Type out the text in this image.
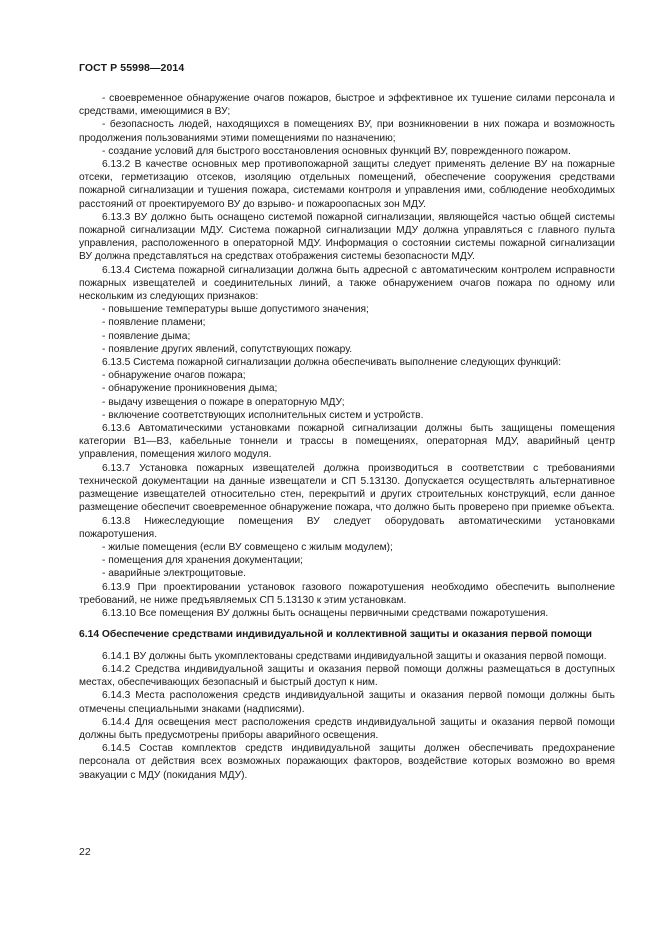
ГОСТ Р 55998—2014

- своевременное обнаружение очагов пожаров, быстрое и эффективное их тушение силами персонала и средствами, имеющимися в ВУ;

- безопасность людей, находящихся в помещениях ВУ, при возникновении в них пожара и возможность продолжения пользованиями этими помещениями по назначению;

- создание условий для быстрого восстановления основных функций ВУ, поврежденного пожаром.

6.13.2 В качестве основных мер противопожарной защиты следует применять деление ВУ на пожарные отсеки, герметизацию отсеков, изоляцию отдельных помещений, обеспечение сооружения средствами пожарной сигнализации и тушения пожара, системами контроля и управления ими, соблюдение необходимых расстояний от проектируемого ВУ до взрыво- и пожароопасных зон МДУ.

6.13.3 ВУ должно быть оснащено системой пожарной сигнализации, являющейся частью общей системы пожарной сигнализации МДУ. Система пожарной сигнализации МДУ должна управляться с главного пульта управления, расположенного в операторной МДУ. Информация о состоянии системы пожарной сигнализации ВУ должна представляться на средствах отображения системы безопасности МДУ.

6.13.4 Система пожарной сигнализации должна быть адресной с автоматическим контролем исправности пожарных извещателей и соединительных линий, а также обнаружением очагов пожара по одному или нескольким из следующих признаков:

- повышение температуры выше допустимого значения;

- появление пламени;

- появление дыма;

- появление других явлений, сопутствующих пожару.

6.13.5 Система пожарной сигнализации должна обеспечивать выполнение следующих функций:

- обнаружение очагов пожара;

- обнаружение проникновения дыма;

- выдачу извещения о пожаре в операторную МДУ;

- включение соответствующих исполнительных систем и устройств.

6.13.6 Автоматическими установками пожарной сигнализации должны быть защищены помещения категории В1—В3, кабельные тоннели и трассы в помещениях, операторная МДУ, аварийный центр управления, помещения жилого модуля.

6.13.7 Установка пожарных извещателей должна производиться в соответствии с требованиями технической документации на данные извещатели и СП 5.13130. Допускается осуществлять альтернативное размещение извещателей относительно стен, перекрытий и других строительных конструкций, если данное размещение обеспечит своевременное обнаружение пожара, что должно быть проверено при приемке объекта.

6.13.8 Нижеследующие помещения ВУ следует оборудовать автоматическими установками пожаротушения.

- жилые помещения (если ВУ совмещено с жилым модулем);

- помещения для хранения документации;

- аварийные электрощитовые.

6.13.9 При проектировании установок газового пожаротушения необходимо обеспечить выполнение требований, не ниже предъявляемых СП 5.13130 к этим установкам.

6.13.10 Все помещения ВУ должны быть оснащены первичными средствами пожаротушения.

6.14 Обеспечение средствами индивидуальной и коллективной защиты и оказания первой помощи

6.14.1 ВУ должны быть укомплектованы средствами индивидуальной защиты и оказания первой помощи.

6.14.2 Средства индивидуальной защиты и оказания первой помощи должны размещаться в доступных местах, обеспечивающих безопасный и быстрый доступ к ним.

6.14.3 Места расположения средств индивидуальной защиты и оказания первой помощи должны быть отмечены специальными знаками (надписями).

6.14.4 Для освещения мест расположения средств индивидуальной защиты и оказания первой помощи должны быть предусмотрены приборы аварийного освещения.

6.14.5 Состав комплектов средств индивидуальной защиты должен обеспечивать предохранение персонала от действия всех возможных поражающих факторов, воздействие которых возможно во время эвакуации с МДУ (покидания МДУ).

22
